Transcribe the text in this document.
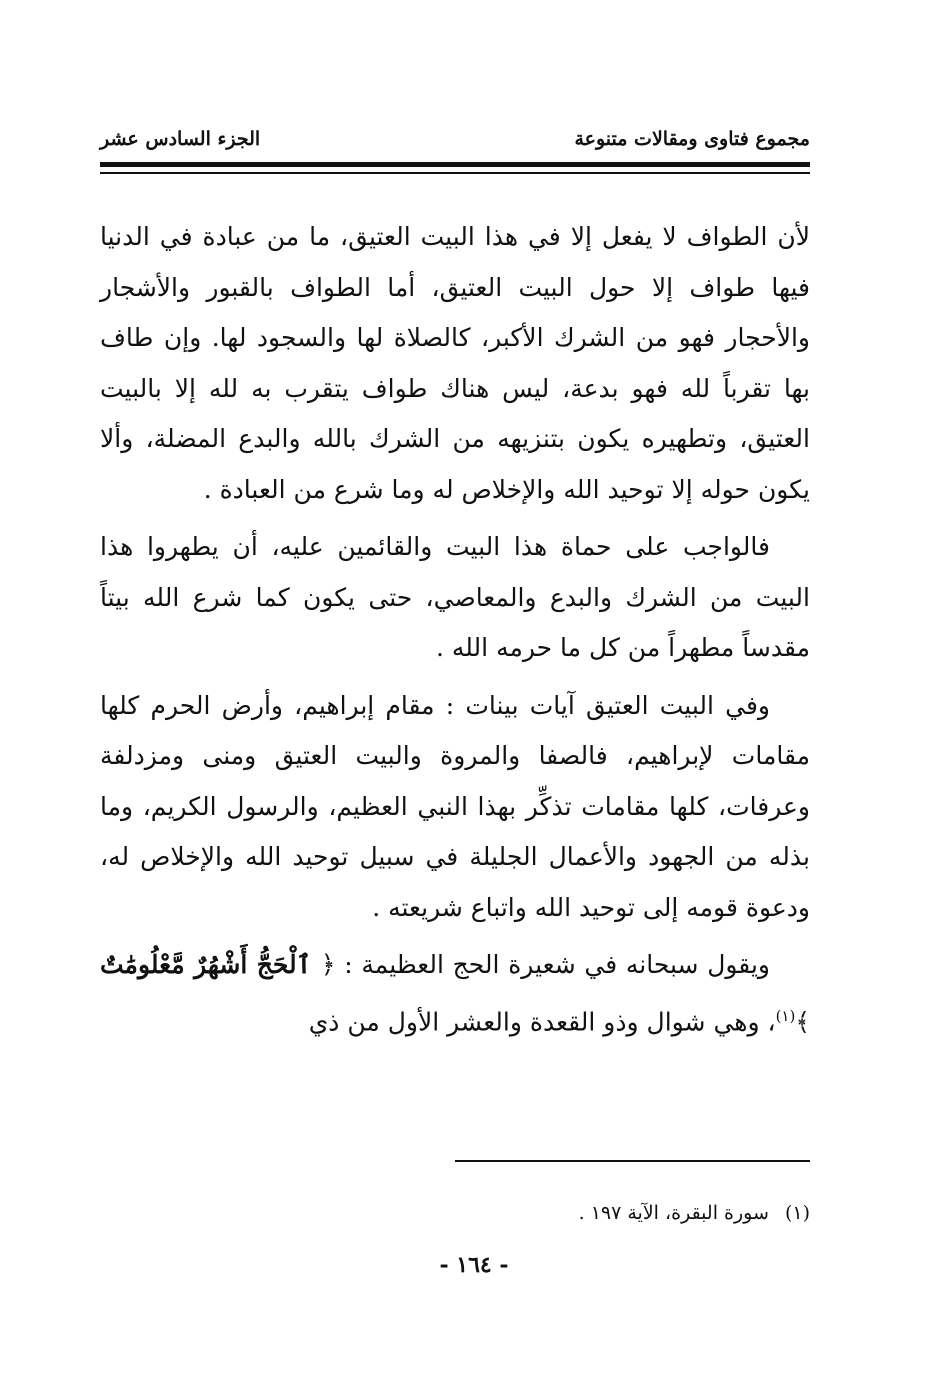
مجموع فتاوى ومقالات متنوعة
الجزء السادس عشر

لأن الطواف لا يفعل إلا في هذا البيت العتيق، ما من عبادة في الدنيا فيها طواف إلا حول البيت العتيق، أما الطواف بالقبور والأشجار والأحجار فهو من الشرك الأكبر، كالصلاة لها والسجود لها. وإن طاف بها تقرباً لله فهو بدعة، ليس هناك طواف يتقرب به لله إلا بالبيت العتيق، وتطهيره يكون بتنزيهه من الشرك بالله والبدع المضلة، وألا يكون حوله إلا توحيد الله والإخلاص له وما شرع من العبادة .

فالواجب على حماة هذا البيت والقائمين عليه، أن يطهروا هذا البيت من الشرك والبدع والمعاصي، حتى يكون كما شرع الله بيتاً مقدساً مطهراً من كل ما حرمه الله .

وفي البيت العتيق آيات بينات : مقام إبراهيم، وأرض الحرم كلها مقامات لإبراهيم، فالصفا والمروة والبيت العتيق ومنى ومزدلفة وعرفات، كلها مقامات تذكِّر بهذا النبي العظيم، والرسول الكريم، وما بذله من الجهود والأعمال الجليلة في سبيل توحيد الله والإخلاص له، ودعوة قومه إلى توحيد الله واتباع شريعته .

ويقول سبحانه في شعيرة الحج العظيمة : ﴿ ٱلْحَجُّ أَشْهُرٌ مَّعْلُومَٰتٌ ﴾$^{(١)}$، وهي شوال وذو القعدة والعشر الأول من ذي

(١) سورة البقرة، الآية ١٩٧ .
- ١٦٤ -
